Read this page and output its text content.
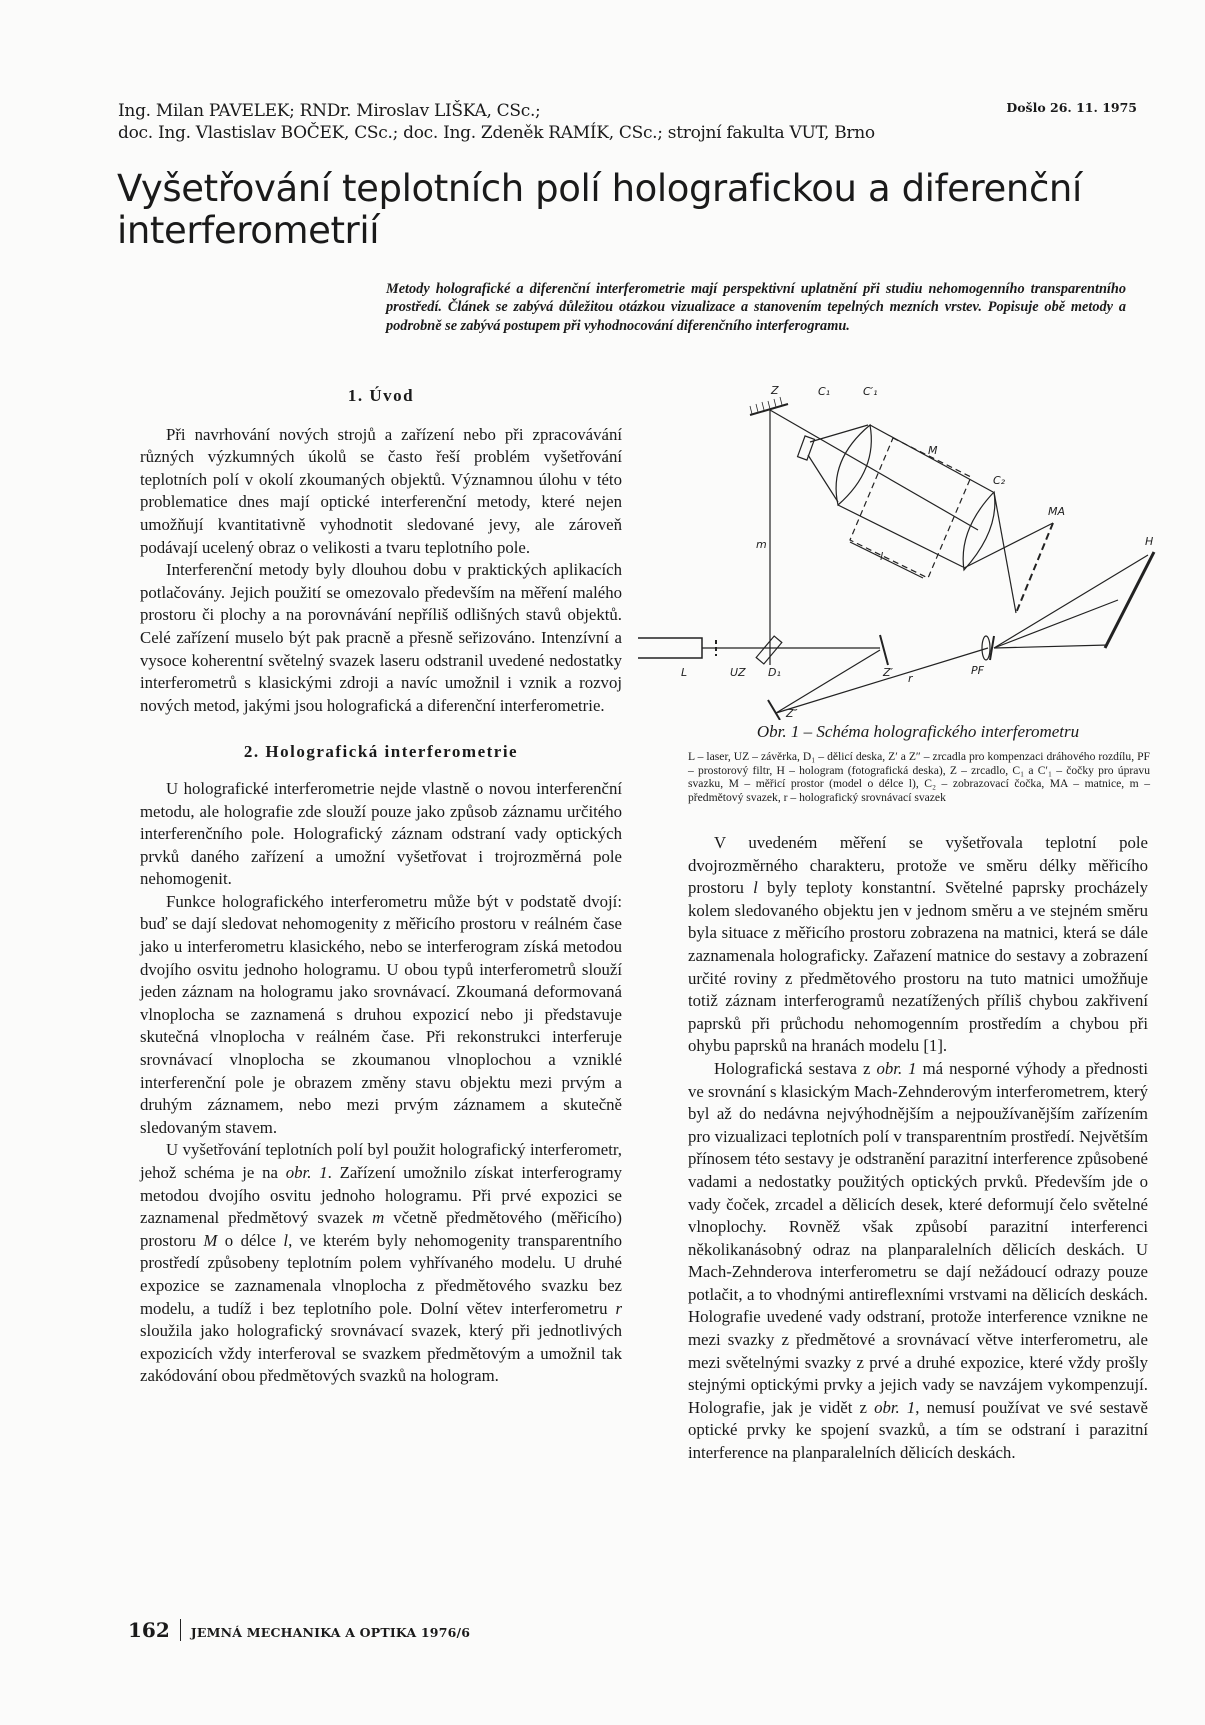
Ing. Milan PAVELEK; RNDr. Miroslav LIŠKA, CSc.;
doc. Ing. Vlastislav BOČEK, CSc.; doc. Ing. Zdeněk RAMÍK, CSc.; strojní fakulta VUT, Brno
Došlo 26. 11. 1975
Vyšetřování teplotních polí holografickou a diferenční
interferometrií
Metody holografické a diferenční interferometrie mají perspektivní uplatnění při studiu nehomogenního transparentního prostředí. Článek se zabývá důležitou otázkou vizualizace a stanovením tepelných mezních vrstev. Popisuje obě metody a podrobně se zabývá postupem při vyhodnocování diferenčního interferogramu.
1. Úvod

Při navrhování nových strojů a zařízení nebo při zpracovávání různých výzkumných úkolů se často řeší problém vyšetřování teplotních polí v okolí zkoumaných objektů. Významnou úlohu v této problematice dnes mají optické interferenční metody, které nejen umožňují kvantitativně vyhodnotit sledované jevy, ale zároveň podávají ucelený obraz o velikosti a tvaru teplotního pole.

Interferenční metody byly dlouhou dobu v praktických aplikacích potlačovány. Jejich použití se omezovalo především na měření malého prostoru či plochy a na porovnávání nepříliš odlišných stavů objektů. Celé zařízení muselo být pak pracně a přesně seřizováno. Intenzívní a vysoce koherentní světelný svazek laseru odstranil uvedené nedostatky interferometrů s klasickými zdroji a navíc umožnil i vznik a rozvoj nových metod, jakými jsou holografická a diferenční interferometrie.

2. Holografická interferometrie

U holografické interferometrie nejde vlastně o novou interferenční metodu, ale holografie zde slouží pouze jako způsob záznamu určitého interferenčního pole. Holografický záznam odstraní vady optických prvků daného zařízení a umožní vyšetřovat i trojrozměrná pole nehomogenit.

Funkce holografického interferometru může být v podstatě dvojí: buď se dají sledovat nehomogenity z měřicího prostoru v reálném čase jako u interferometru klasického, nebo se interferogram získá metodou dvojího osvitu jednoho hologramu. U obou typů interferometrů slouží jeden záznam na hologramu jako srovnávací. Zkoumaná deformovaná vlnoplocha se zaznamená s druhou expozicí nebo ji představuje skutečná vlnoplocha v reálném čase. Při rekonstrukci interferuje srovnávací vlnoplocha se zkoumanou vlnoplochou a vzniklé interferenční pole je obrazem změny stavu objektu mezi prvým a druhým záznamem, nebo mezi prvým záznamem a skutečně sledovaným stavem.

U vyšetřování teplotních polí byl použit holografický interferometr, jehož schéma je na obr. 1. Zařízení umožnilo získat interferogramy metodou dvojího osvitu jednoho hologramu. Při prvé expozici se zaznamenal předmětový svazek m včetně předmětového (měřicího) prostoru M o délce l, ve kterém byly nehomogenity transparentního prostředí způsobeny teplotním polem vyhřívaného modelu. U druhé expozice se zaznamenala vlnoplocha z předmětového svazku bez modelu, a tudíž i bez teplotního pole. Dolní větev interferometru r sloužila jako holografický srovnávací svazek, který při jednotlivých expozicích vždy interferoval se svazkem předmětovým a umožnil tak zakódování obou předmětových svazků na hologram.

Z	C₁	C′₁
M
C₂
MA
H
m
l
L	UZ D₁	Z′ r
PF
Z″
Obr. 1 – Schéma holografického interferometru
L – laser, UZ – závěrka, D₁ – dělicí deska, Z′ a Z″ – zrcadla pro kompenzaci dráhového rozdílu, PF – prostorový filtr, H – hologram (fotografická deska), Z – zrcadlo, C₁ a C′₁ – čočky pro úpravu svazku, M – měřicí prostor (model o délce l), C₂ – zobrazovací čočka, MA – matnice, m – předmětový svazek, r – holografický srovnávací svazek

V uvedeném měření se vyšetřovala teplotní pole dvojrozměrného charakteru, protože ve směru délky měřicího prostoru l byly teploty konstantní. Světelné paprsky procházely kolem sledovaného objektu jen v jednom směru a ve stejném směru byla situace z měřicího prostoru zobrazena na matnici, která se dále zaznamenala holograficky. Zařazení matnice do sestavy a zobrazení určité roviny z předmětového prostoru na tuto matnici umožňuje totiž záznam interferogramů nezatížených příliš chybou zakřivení paprsků při průchodu nehomogenním prostředím a chybou při ohybu paprsků na hranách modelu [1].

Holografická sestava z obr. 1 má nesporné výhody a přednosti ve srovnání s klasickým Mach-Zehnderovým interferometrem, který byl až do nedávna nejvýhodnějším a nejpoužívanějším zařízením pro vizualizaci teplotních polí v transparentním prostředí. Největším přínosem této sestavy je odstranění parazitní interference způsobené vadami a nedostatky použitých optických prvků. Především jde o vady čoček, zrcadel a dělicích desek, které deformují čelo světelné vlnoplochy. Rovněž však způsobí parazitní interferenci několikanásobný odraz na planparalelních dělicích deskách. U Mach-Zehnderova interferometru se dají nežádoucí odrazy pouze potlačit, a to vhodnými antireflexními vrstvami na dělicích deskách. Holografie uvedené vady odstraní, protože interference vznikne ne mezi svazky z předmětové a srovnávací větve interferometru, ale mezi světelnými svazky z prvé a druhé expozice, které vždy prošly stejnými optickými prvky a jejich vady se navzájem vykompenzují. Holografie, jak je vidět z obr. 1, nemusí používat ve své sestavě optické prvky ke spojení svazků, a tím se odstraní i parazitní interference na planparalelních dělicích deskách.

162 JEMNÁ MECHANIKA A OPTIKA 1976/6
